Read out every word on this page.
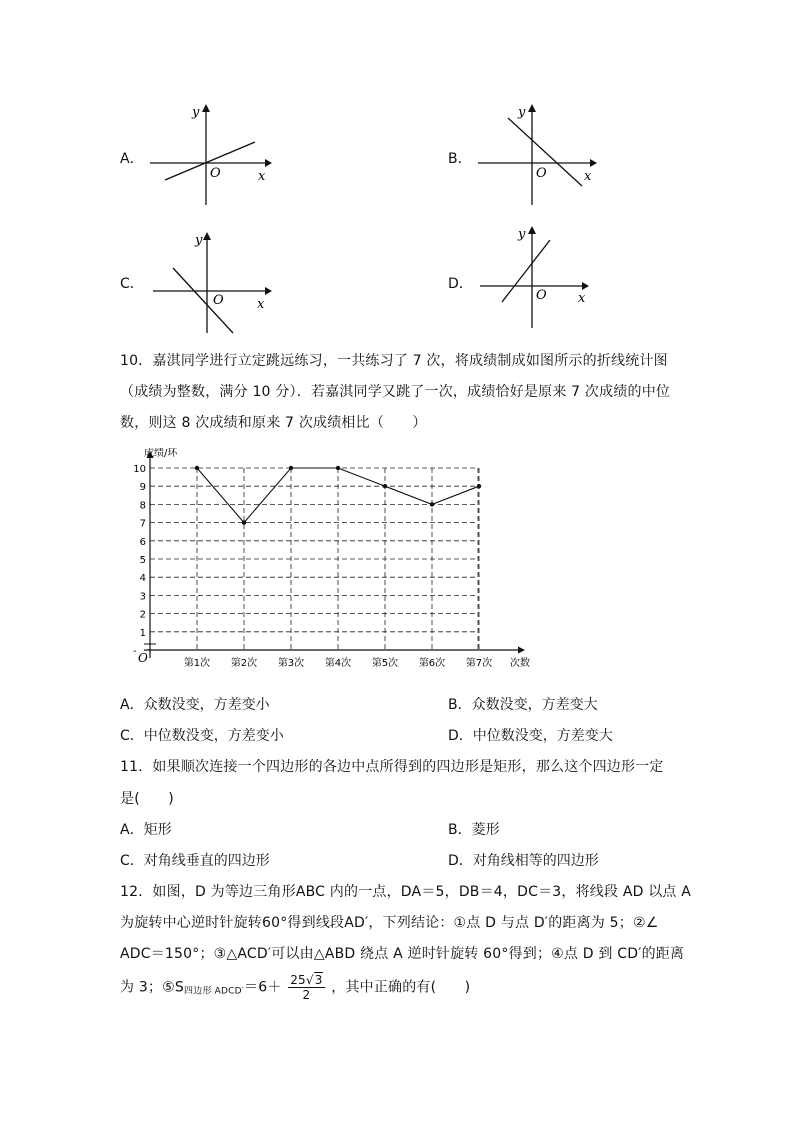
A．
x
y
O
B．
x
y
O
C．
x
y
O
D．
x
y
O
10．嘉淇同学进行立定跳远练习，一共练习了 7 次，将成绩制成如图所示的折线统计图
（成绩为整数，满分 10 分）．若嘉淇同学又跳了一次，成绩恰好是原来 7 次成绩的中位
数，则这 8 次成绩和原来 7 次成绩相比（　　）
1
2
3
4
5
6
7
8
9
10
第1次 第2次 第3次 第4次 第5次 第6次 第7次
成绩/环
次数
O
-
A．众数没变，方差变小	B．众数没变，方差变大
C．中位数没变，方差变小	D．中位数没变，方差变大
11．如果顺次连接一个四边形的各边中点所得到的四边形是矩形，那么这个四边形一定
是(　　)
A．矩形	B．菱形
C．对角线垂直的四边形	D．对角线相等的四边形
12．如图，D 为等边三角形ABC 内的一点，DA＝5，DB＝4，DC＝3，将线段 AD 以点 A
为旋转中心逆时针旋转60°得到线段AD′，下列结论：①点 D 与点 D′的距离为 5；②∠
ADC＝150°；③△ACD′可以由△ABD 绕点 A 逆时针旋转 60°得到；④点 D 到 CD′的距离
为 3；$⑤S_{四边形 ADCD'}=6+ \frac{25√3}{2}$ ，其中正确的有(　　)
